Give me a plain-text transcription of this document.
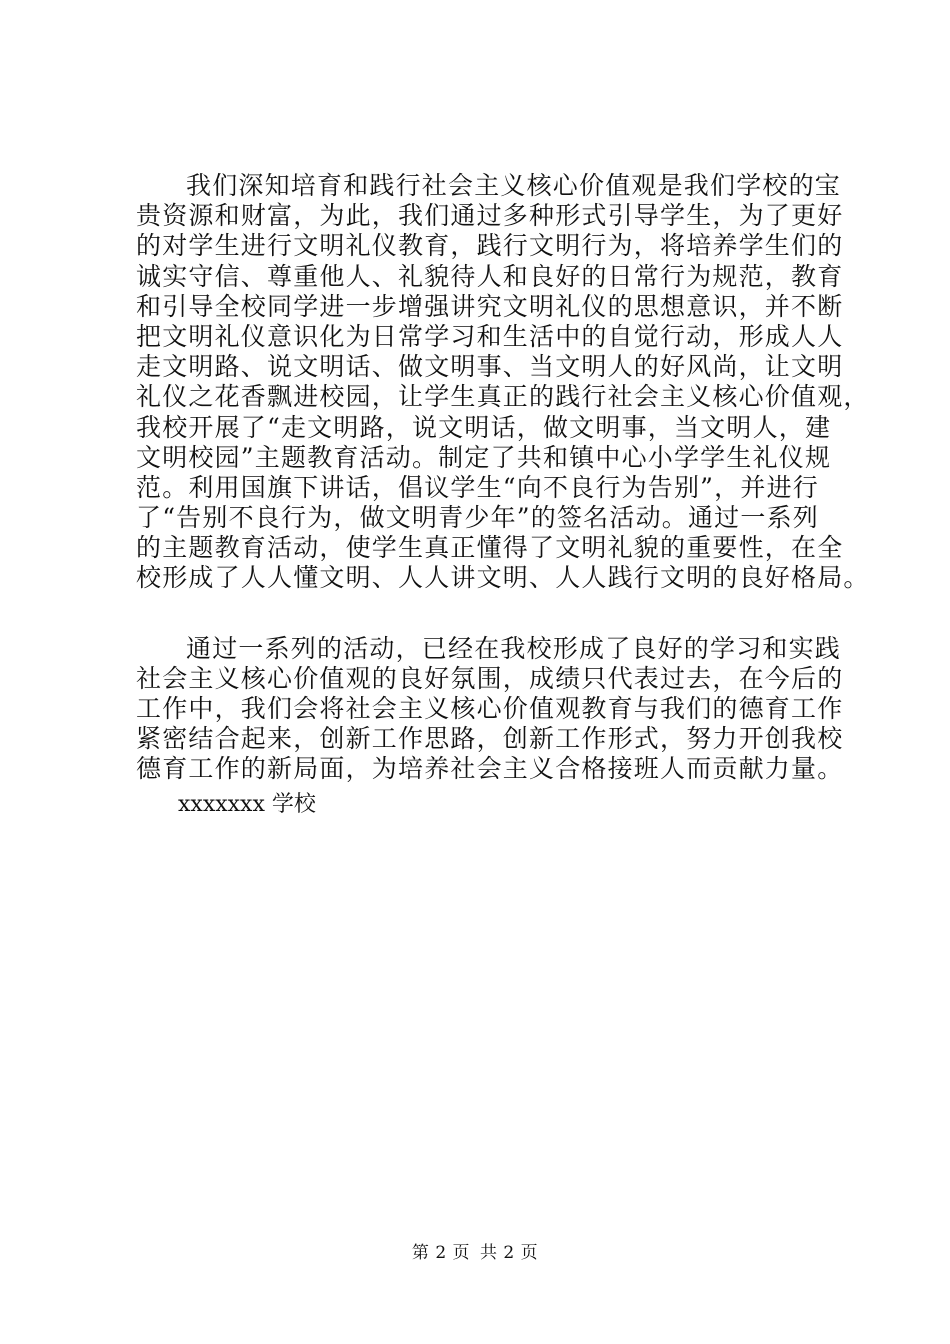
我们深知培育和践行社会主义核心价值观是我们学校的宝
贵资源和财富，为此，我们通过多种形式引导学生，为了更好
的对学生进行文明礼仪教育，践行文明行为，将培养学生们的
诚实守信、尊重他人、礼貌待人和良好的日常行为规范，教育
和引导全校同学进一步增强讲究文明礼仪的思想意识，并不断
把文明礼仪意识化为日常学习和生活中的自觉行动，形成人人
走文明路、说文明话、做文明事、当文明人的好风尚，让文明
礼仪之花香飘进校园，让学生真正的践行社会主义核心价值观，
我校开展了“走文明路，说文明话，做文明事，当文明人，建
文明校园”主题教育活动。制定了共和镇中心小学学生礼仪规
范。利用国旗下讲话，倡议学生“向不良行为告别”，并进行
了“告别不良行为，做文明青少年”的签名活动。通过一系列
的主题教育活动，使学生真正懂得了文明礼貌的重要性，在全
校形成了人人懂文明、人人讲文明、人人践行文明的良好格局。

通过一系列的活动，已经在我校形成了良好的学习和实践
社会主义核心价值观的良好氛围，成绩只代表过去，在今后的
工作中，我们会将社会主义核心价值观教育与我们的德育工作
紧密结合起来，创新工作思路，创新工作形式，努力开创我校
德育工作的新局面，为培养社会主义合格接班人而贡献力量。

xxxxxxx 学校
第 2 页 共 2 页
